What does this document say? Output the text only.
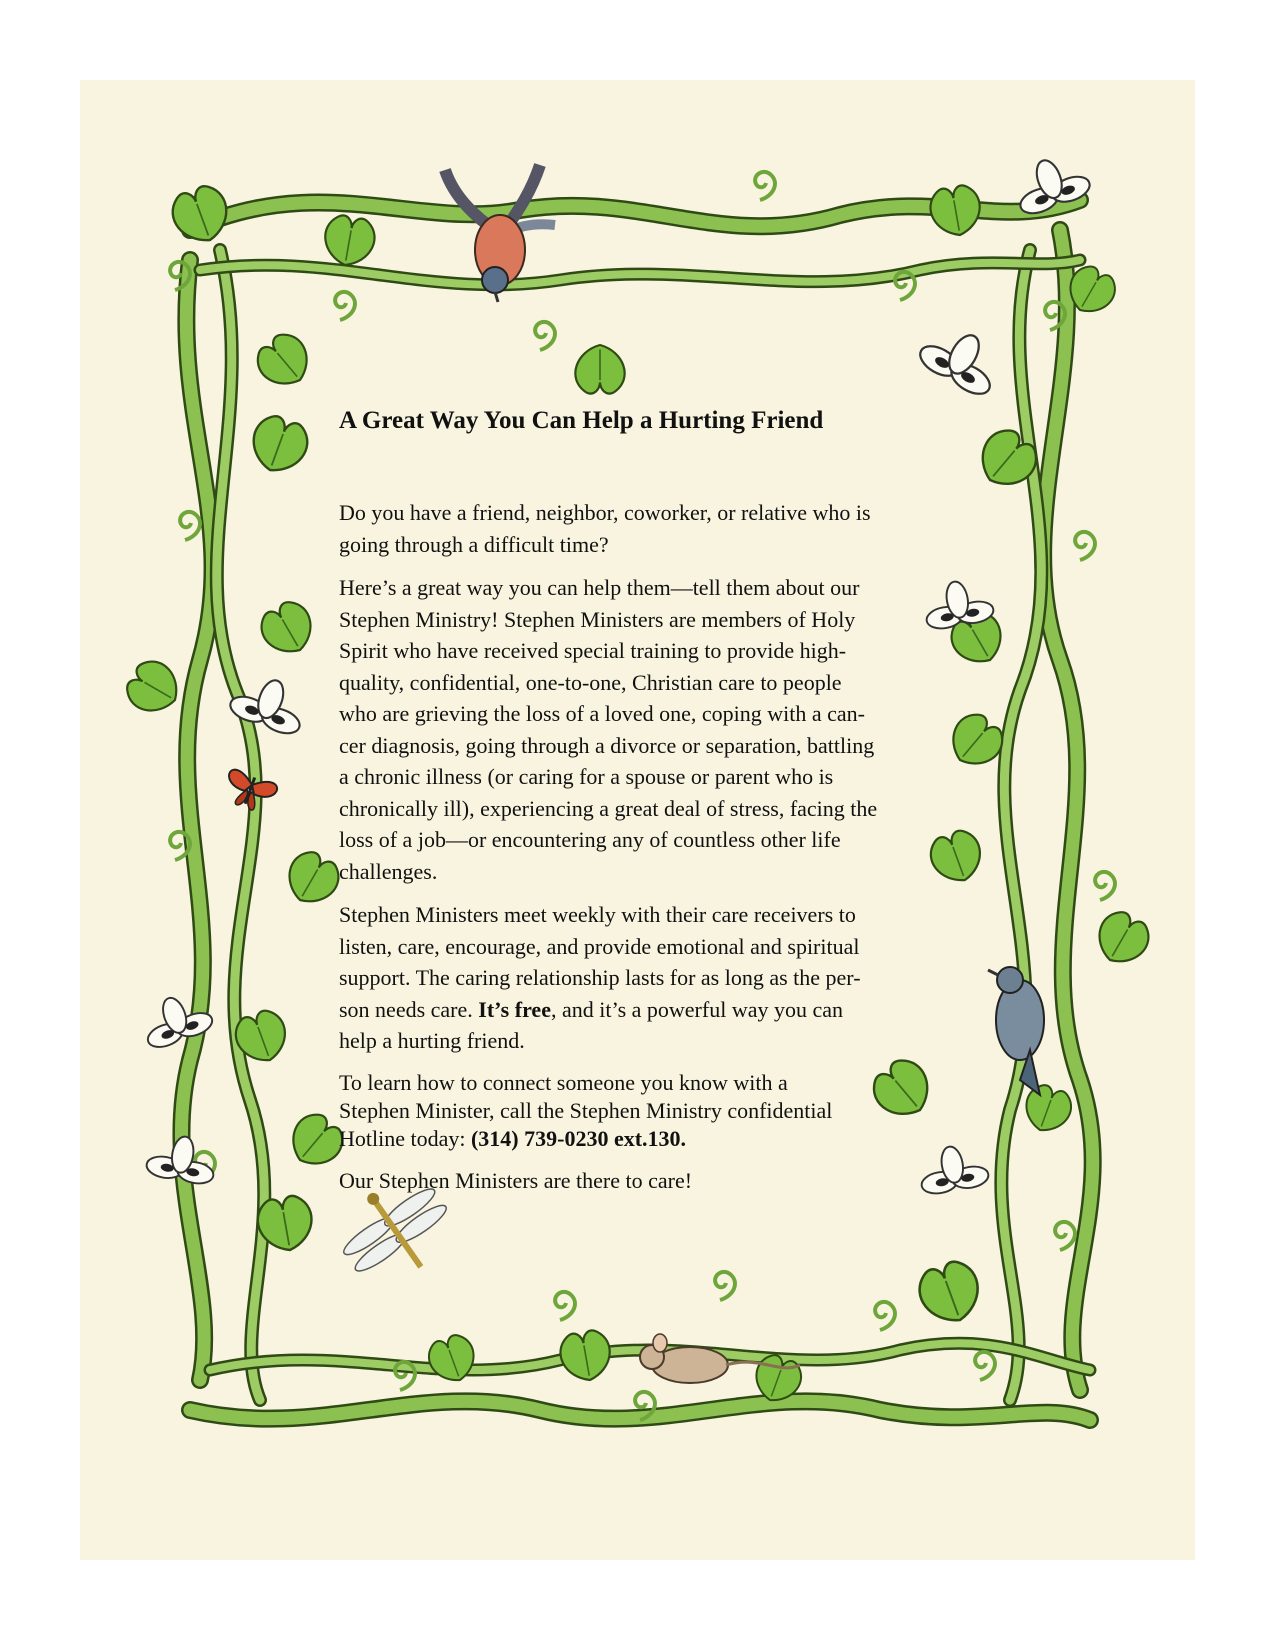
A Great Way You Can Help a Hurting Friend
Do you have a friend, neighbor, coworker, or relative who is
going through a difficult time?
Here’s a great way you can help them—tell them about our
Stephen Ministry! Stephen Ministers are members of Holy
Spirit who have received special training to provide high-
quality, confidential, one-to-one, Christian care to people
who are grieving the loss of a loved one, coping with a can-
cer diagnosis, going through a divorce or separation, battling
a chronic illness (or caring for a spouse or parent who is
chronically ill), experiencing a great deal of stress, facing the
loss of a job—or encountering any of countless other life
challenges.
Stephen Ministers meet weekly with their care receivers to
listen, care, encourage, and provide emotional and spiritual
support. The caring relationship lasts for as long as the per-
son needs care. It’s free, and it’s a powerful way you can
help a hurting friend.
To learn how to connect someone you know with a
Stephen Minister, call the Stephen Ministry confidential
Hotline today: (314) 739-0230 ext.130.
Our Stephen Ministers are there to care!
